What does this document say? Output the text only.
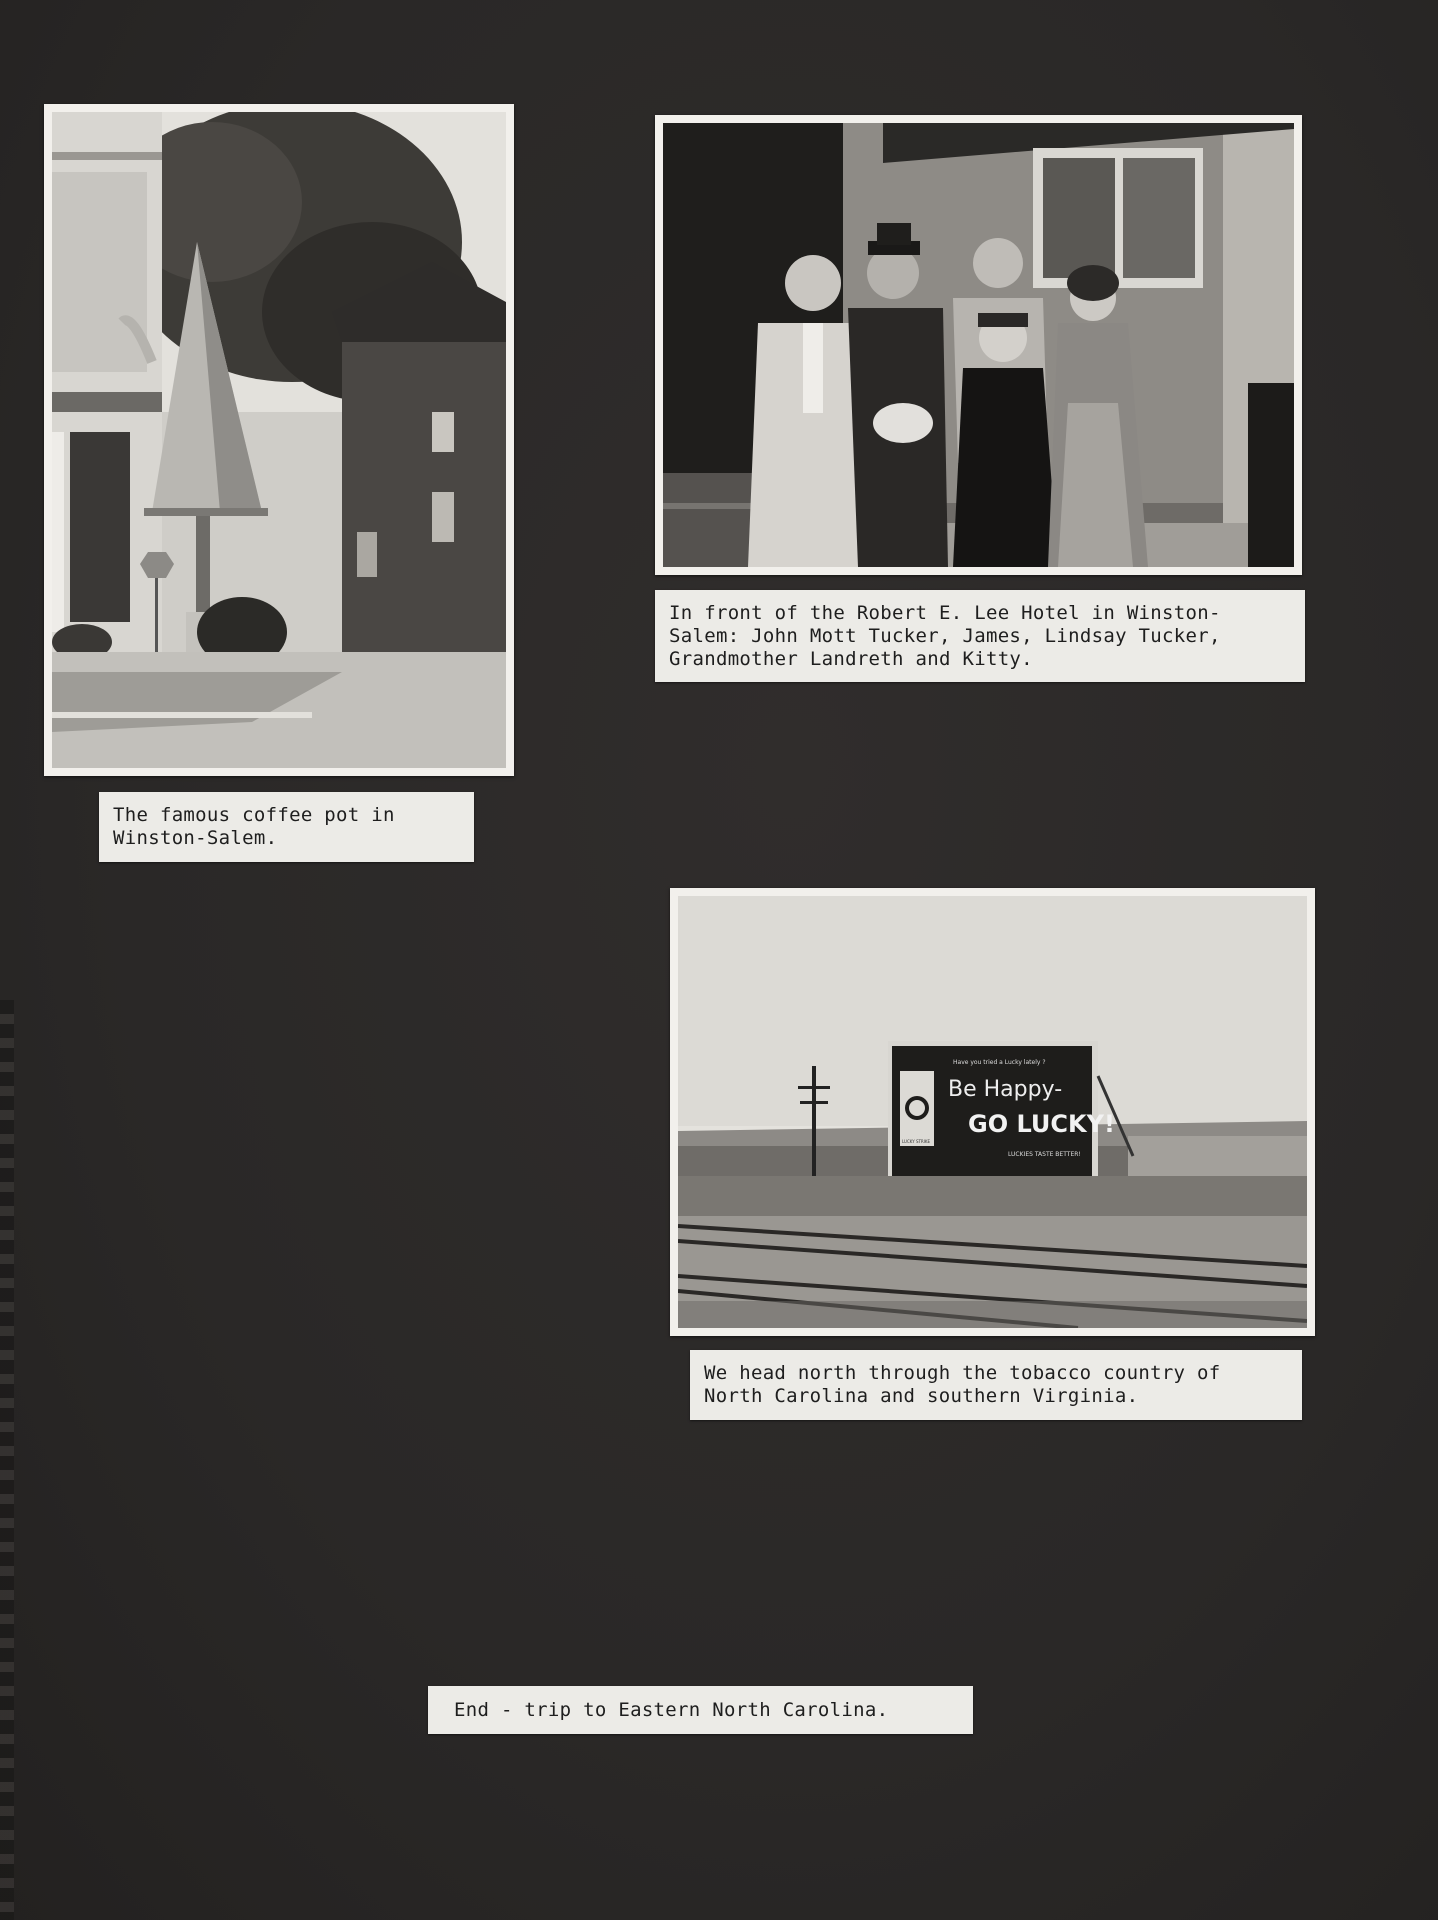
The famous coffee pot in
Winston-Salem.
In front of the Robert E. Lee Hotel in Winston-
Salem: John Mott Tucker, James, Lindsay Tucker,
Grandmother Landreth and Kitty.
Have you tried a Lucky lately ?
Be Happy-
GO LUCKY!
LUCKIES TASTE BETTER!
LUCKY STRIKE
We head north through the tobacco country of
North Carolina and southern Virginia.
End - trip to Eastern North Carolina.
